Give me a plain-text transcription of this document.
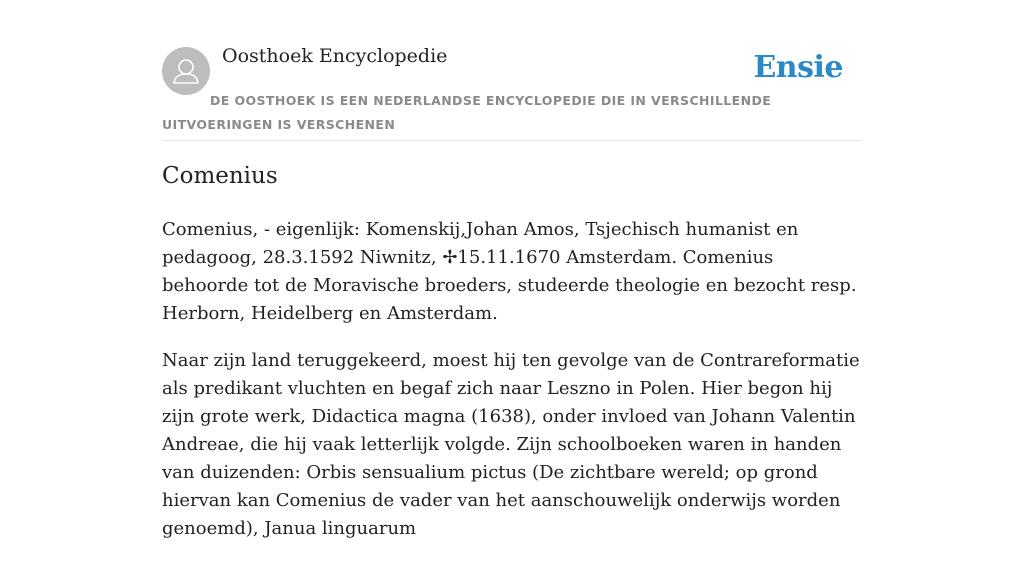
Oosthoek Encyclopedie	Ensie
DE OOSTHOEK IS EEN NEDERLANDSE ENCYCLOPEDIE DIE IN VERSCHILLENDE UITVOERINGEN IS VERSCHENEN
Comenius

Comenius, - eigenlijk: Komenskij,Johan Amos, Tsjechisch humanist en pedagoog, 28.3.1592 Niwnitz, ✢15.11.1670 Amsterdam. Comenius behoorde tot de Moravische broeders, studeerde theologie en bezocht resp. Herborn, Heidelberg en Amsterdam.

Naar zijn land teruggekeerd, moest hij ten gevolge van de Contrareformatie als predikant vluchten en begaf zich naar Leszno in Polen. Hier begon hij zijn grote werk, Didactica magna (1638), onder invloed van Johann Valentin Andreae, die hij vaak letterlijk volgde. Zijn schoolboeken waren in handen van duizenden: Orbis sensualium pictus (De zichtbare wereld; op grond hiervan kan Comenius de vader van het aanschouwelijk onderwijs worden genoemd), Janua linguarum
